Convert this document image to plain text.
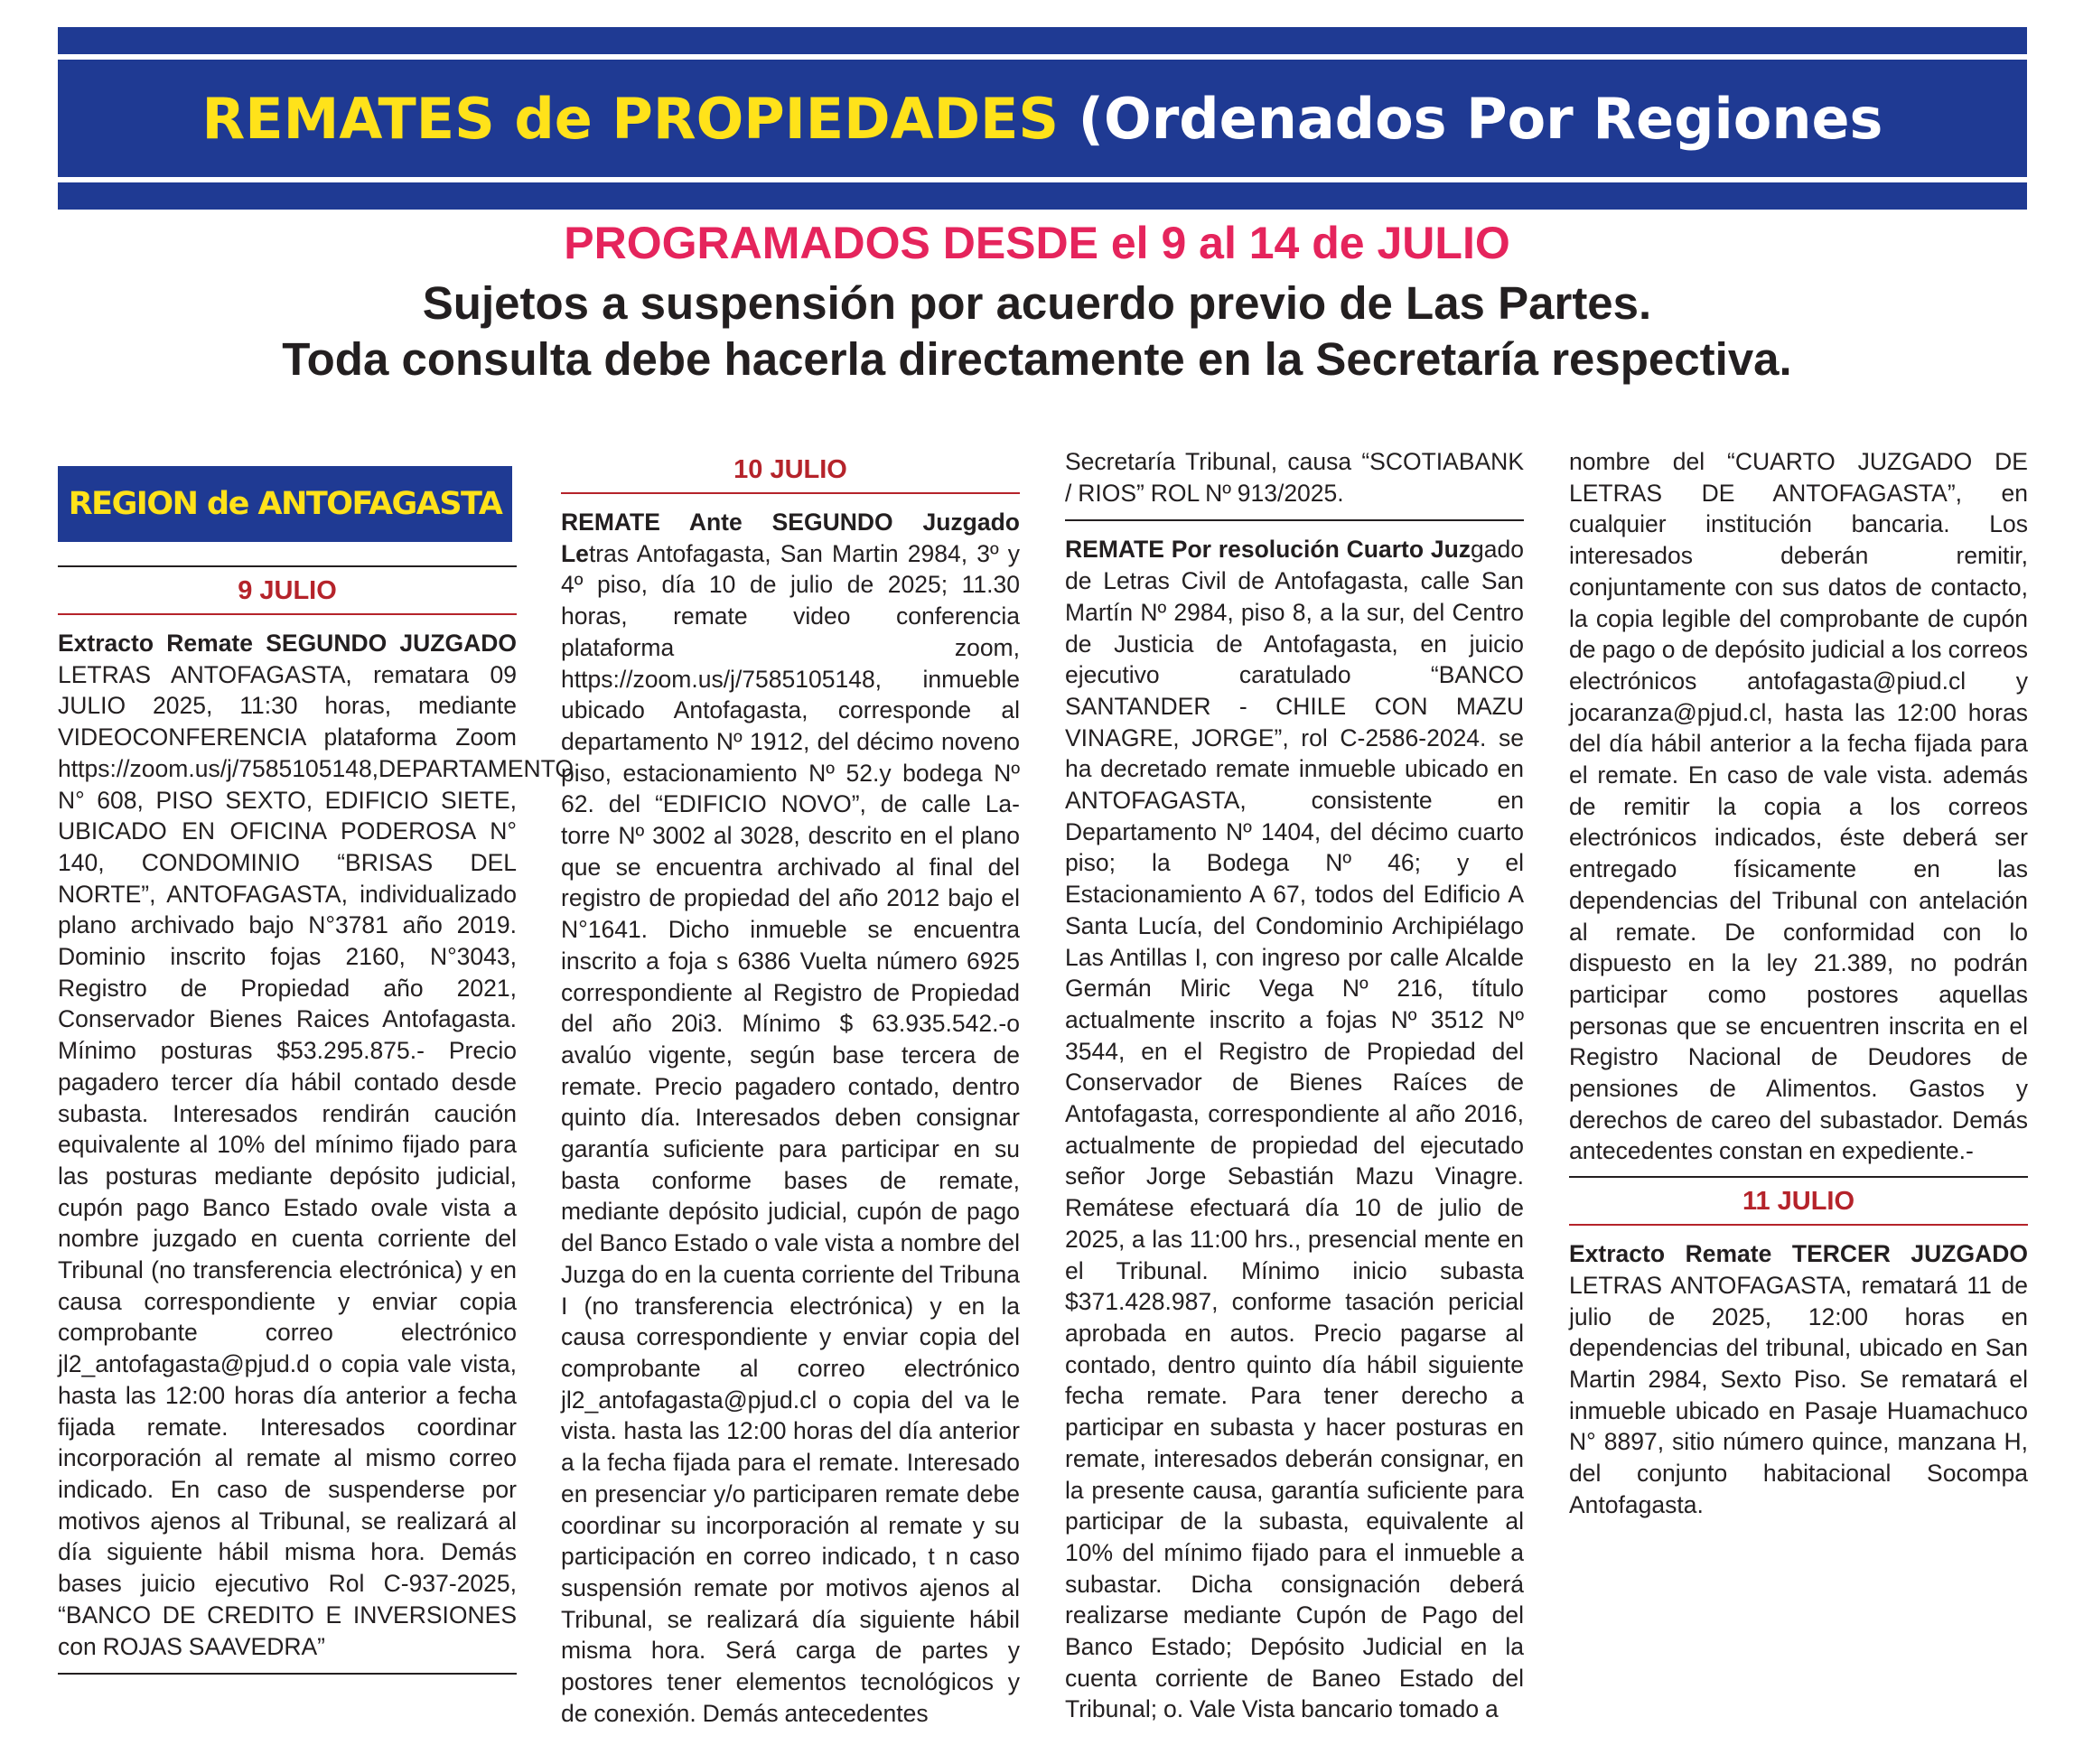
REMATES de PROPIEDADES
(Ordenados Por Regiones
PROGRAMADOS DESDE el 9 al 14 de JULIO
Sujetos a suspensión por acuerdo previo de Las Partes.
Toda consulta debe hacerla directamente en la Secretaría respectiva.
REGION de ANTOFAGASTA
9 JULIO

Extracto Remate SEGUNDO JUZGADO LETRAS ANTOFAGASTA, rematara 09 JULIO 2025, 11:30 horas, mediante VIDEOCONFERENCIA plataforma Zoom https://zoom.us/j/7585105148,DEPARTAMENTO N° 608, PISO SEXTO, EDIFICIO SIETE, UBICADO EN OFICINA PODEROSA N° 140, CONDOMINIO “BRISAS DEL NORTE”, ANTOFAGASTA, individualizado plano archivado bajo N°3781 año 2019. Dominio inscrito fojas 2160, N°3043, Registro de Propiedad año 2021, Conservador Bienes Raices Antofagasta. Mínimo posturas $53.295.875.- Precio pagadero tercer día hábil contado desde subasta. Interesados rendirán caución equivalente al 10% del mínimo fijado para las posturas mediante depósito judicial, cupón pago Banco Estado ovale vista a nombre juzgado en cuenta corriente del Tribunal (no transferencia electrónica) y en causa correspondiente y enviar copia comprobante correo electrónico jl2_antofagasta@pjud.d o copia vale vista, hasta las 12:00 horas día anterior a fecha fijada remate. Interesados coordinar incorporación al remate al mismo correo indicado. En caso de suspenderse por motivos ajenos al Tribunal, se realizará al día siguiente hábil misma hora. Demás bases juicio ejecutivo Rol C-937-2025, “BANCO DE CREDITO E INVERSIONES con ROJAS SAAVEDRA”

10 JULIO

REMATE Ante SEGUNDO Juzgado Letras Antofagasta, San Martin 2984, 3º y 4º piso, día 10 de julio de 2025; 11.30 horas, remate video conferencia plataforma zoom, https://zoom.us/j/7585105148, inmueble ubicado Antofagasta, corresponde al departamento Nº 1912, del décimo noveno piso, estacionamiento Nº 52.y bodega Nº 62. del “EDIFICIO NOVO”, de calle La-torre Nº 3002 al 3028, descrito en el plano que se encuentra archivado al final del registro de propiedad del año 2012 bajo el N°1641. Dicho inmueble se encuentra inscrito a foja s 6386 Vuelta número 6925 correspondiente al Registro de Propiedad del año 20i3. Mínimo $ 63.935.542.-o avalúo vigente, según base tercera de remate. Precio pagadero contado, dentro quinto día. Interesados deben consignar garantía suficiente para participar en su basta conforme bases de remate, mediante depósito judicial, cupón de pago del Banco Estado o vale vista a nombre del Juzga do en la cuenta corriente del Tribuna I (no transferencia electrónica) y en la causa correspondiente y enviar copia del comprobante al correo electrónico jl2_antofagasta@pjud.cl o copia del va le vista. hasta las 12:00 horas del día anterior a la fecha fijada para el remate. Interesado en presenciar y/o participaren remate debe coordinar su incorporación al remate y su participación en correo indicado, t n caso suspensión remate por motivos ajenos al Tribunal, se realizará día siguiente hábil misma hora. Será carga de partes y postores tener elementos tecnológicos y de conexión. Demás antecedentes

Secretaría Tribunal, causa “SCOTIABANK / RIOS” ROL Nº 913/2025.

REMATE Por resolución Cuarto Juzgado de Letras Civil de Antofagasta, calle San Martín Nº 2984, piso 8, a la sur, del Centro de Justicia de Antofagasta, en juicio ejecutivo caratulado “BANCO SANTANDER - CHILE CON MAZU VINAGRE, JORGE”, rol C-2586-2024. se ha decretado remate inmueble ubicado en ANTOFAGASTA, consistente en Departamento Nº 1404, del décimo cuarto piso; la Bodega Nº 46; y el Estacionamiento A 67, todos del Edificio A Santa Lucía, del Condominio Archipiélago Las Antillas I, con ingreso por calle Alcalde Germán Miric Vega Nº 216, título actualmente inscrito a fojas Nº 3512 Nº 3544, en el Registro de Propiedad del Conservador de Bienes Raíces de Antofagasta, correspondiente al año 2016, actualmente de propiedad del ejecutado señor Jorge Sebastián Mazu Vinagre. Remátese efectuará día 10 de julio de 2025, a las 11:00 hrs., presencial mente en el Tribunal. Mínimo inicio subasta $371.428.987, conforme tasación pericial aprobada en autos. Precio pagarse al contado, dentro quinto día hábil siguiente fecha remate. Para tener derecho a participar en subasta y hacer posturas en remate, interesados deberán consignar, en la presente causa, garantía suficiente para participar de la subasta, equivalente al 10% del mínimo fijado para el inmueble a subastar. Dicha consignación deberá realizarse mediante Cupón de Pago del Banco Estado; Depósito Judicial en la cuenta corriente de Baneo Estado del Tribunal; o. Vale Vista bancario tomado a

nombre del “CUARTO JUZGADO DE LETRAS DE ANTOFAGASTA”, en cualquier institución bancaria. Los interesados deberán remitir, conjuntamente con sus datos de contacto, la copia legible del comprobante de cupón de pago o de depósito judicial a los correos electrónicos antofagasta@piud.cl y jocaranza@pjud.cl, hasta las 12:00 horas del día hábil anterior a la fecha fijada para el remate. En caso de vale vista. además de remitir la copia a los correos electrónicos indicados, éste deberá ser entregado físicamente en las dependencias del Tribunal con antelación al remate. De conformidad con lo dispuesto en la ley 21.389, no podrán participar como postores aquellas personas que se encuentren inscrita en el Registro Nacional de Deudores de pensiones de Alimentos. Gastos y derechos de careo del subastador. Demás antecedentes constan en expediente.-

11 JULIO

Extracto Remate TERCER JUZGADO LETRAS ANTOFAGASTA, rematará 11 de julio de 2025, 12:00 horas en dependencias del tribunal, ubicado en San Martin 2984, Sexto Piso. Se rematará el inmueble ubicado en Pasaje Huamachuco N° 8897, sitio número quince, manzana H, del conjunto habitacional Socompa Antofagasta.
